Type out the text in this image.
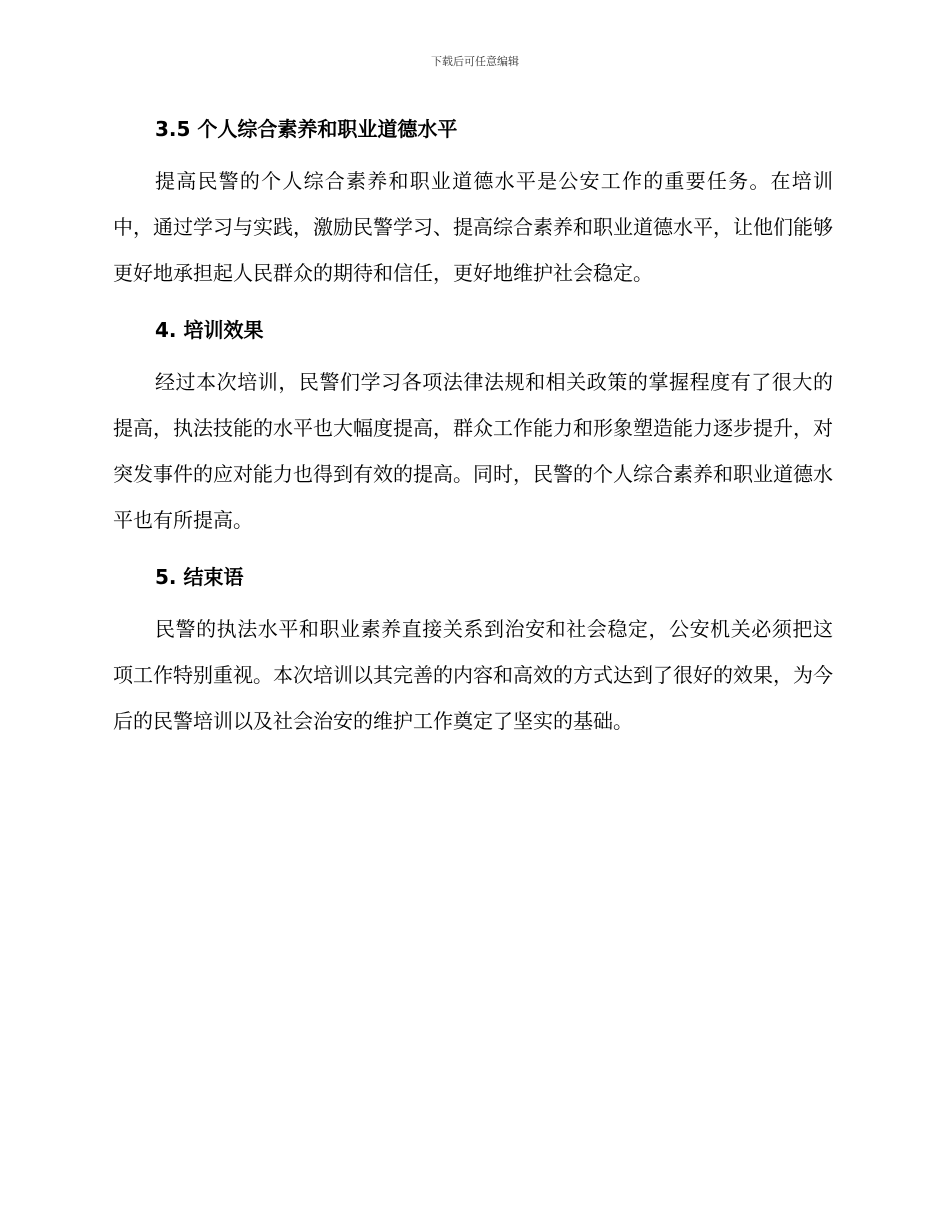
下载后可任意编辑
3.5 个人综合素养和职业道德水平

提高民警的个人综合素养和职业道德水平是公安工作的重要任务。在培训中，通过学习与实践，激励民警学习、提高综合素养和职业道德水平，让他们能够更好地承担起人民群众的期待和信任，更好地维护社会稳定。

4. 培训效果

经过本次培训，民警们学习各项法律法规和相关政策的掌握程度有了很大的提高，执法技能的水平也大幅度提高，群众工作能力和形象塑造能力逐步提升，对突发事件的应对能力也得到有效的提高。同时，民警的个人综合素养和职业道德水平也有所提高。

5. 结束语

民警的执法水平和职业素养直接关系到治安和社会稳定，公安机关必须把这项工作特别重视。本次培训以其完善的内容和高效的方式达到了很好的效果，为今后的民警培训以及社会治安的维护工作奠定了坚实的基础。
